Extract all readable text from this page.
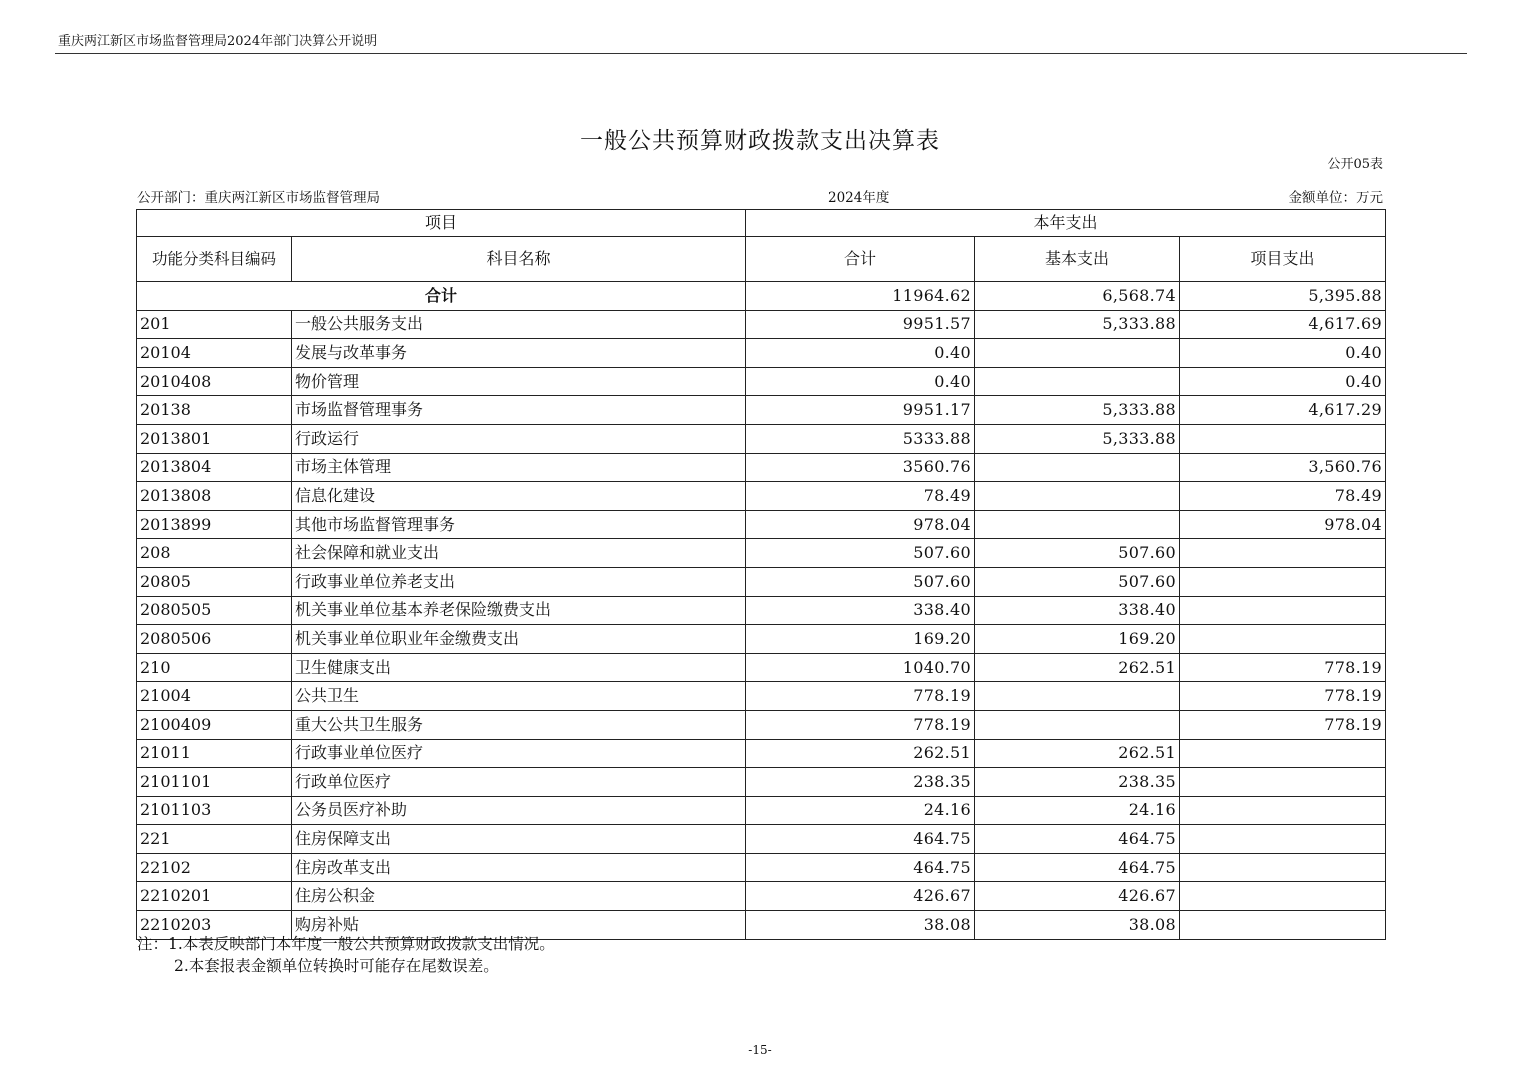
重庆两江新区市场监督管理局2024年部门决算公开说明
一般公共预算财政拨款支出决算表
公开05表
公开部门：重庆两江新区市场监督管理局	2024年度	金额单位：万元
项目		本年支出		
功能分类科目编码	科目名称	合计	基本支出	项目支出
合计		11964.62	6,568.74	5,395.88
201	一般公共服务支出	9951.57	5,333.88	4,617.69
20104	发展与改革事务	0.40		0.40
2010408	物价管理	0.40		0.40
20138	市场监督管理事务	9951.17	5,333.88	4,617.29
2013801	行政运行	5333.88	5,333.88	
2013804	市场主体管理	3560.76		3,560.76
2013808	信息化建设	78.49		78.49
2013899	其他市场监督管理事务	978.04		978.04
208	社会保障和就业支出	507.60	507.60	
20805	行政事业单位养老支出	507.60	507.60	
2080505	机关事业单位基本养老保险缴费支出	338.40	338.40	
2080506	机关事业单位职业年金缴费支出	169.20	169.20	
210	卫生健康支出	1040.70	262.51	778.19
21004	公共卫生	778.19		778.19
2100409	重大公共卫生服务	778.19		778.19
21011	行政事业单位医疗	262.51	262.51	
2101101	行政单位医疗	238.35	238.35	
2101103	公务员医疗补助	24.16	24.16	
221	住房保障支出	464.75	464.75	
22102	住房改革支出	464.75	464.75	
2210201	住房公积金	426.67	426.67	
2210203	购房补贴	38.08	38.08	
注：1.本表反映部门本年度一般公共预算财政拨款支出情况。
2.本套报表金额单位转换时可能存在尾数误差。
-15-
